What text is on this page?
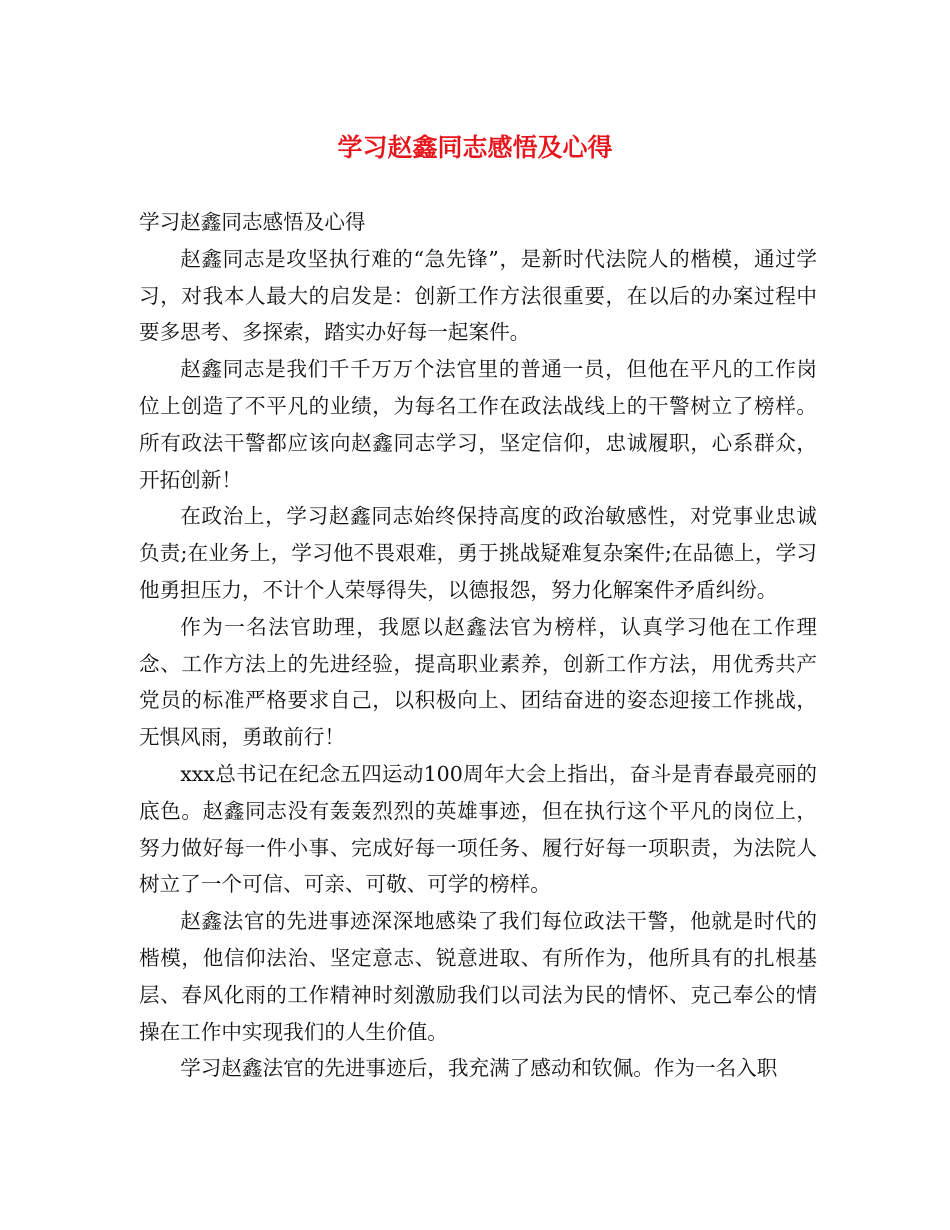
学习赵鑫同志感悟及心得

学习赵鑫同志感悟及心得

赵鑫同志是攻坚执行难的“急先锋”，是新时代法院人的楷模，通过学习，对我本人最大的启发是：创新工作方法很重要，在以后的办案过程中要多思考、多探索，踏实办好每一起案件。

赵鑫同志是我们千千万万个法官里的普通一员，但他在平凡的工作岗位上创造了不平凡的业绩，为每名工作在政法战线上的干警树立了榜样。所有政法干警都应该向赵鑫同志学习，坚定信仰，忠诚履职，心系群众，开拓创新！

在政治上，学习赵鑫同志始终保持高度的政治敏感性，对党事业忠诚负责;在业务上，学习他不畏艰难，勇于挑战疑难复杂案件;在品德上，学习他勇担压力，不计个人荣辱得失，以德报怨，努力化解案件矛盾纠纷。

作为一名法官助理，我愿以赵鑫法官为榜样，认真学习他在工作理念、工作方法上的先进经验，提高职业素养，创新工作方法，用优秀共产党员的标准严格要求自己，以积极向上、团结奋进的姿态迎接工作挑战，无惧风雨，勇敢前行！

xxx总书记在纪念五四运动100周年大会上指出，奋斗是青春最亮丽的底色。赵鑫同志没有轰轰烈烈的英雄事迹，但在执行这个平凡的岗位上，努力做好每一件小事、完成好每一项任务、履行好每一项职责，为法院人树立了一个可信、可亲、可敬、可学的榜样。

赵鑫法官的先进事迹深深地感染了我们每位政法干警，他就是时代的楷模，他信仰法治、坚定意志、锐意进取、有所作为，他所具有的扎根基层、春风化雨的工作精神时刻激励我们以司法为民的情怀、克己奉公的情操在工作中实现我们的人生价值。

学习赵鑫法官的先进事迹后，我充满了感动和钦佩。作为一名入职
